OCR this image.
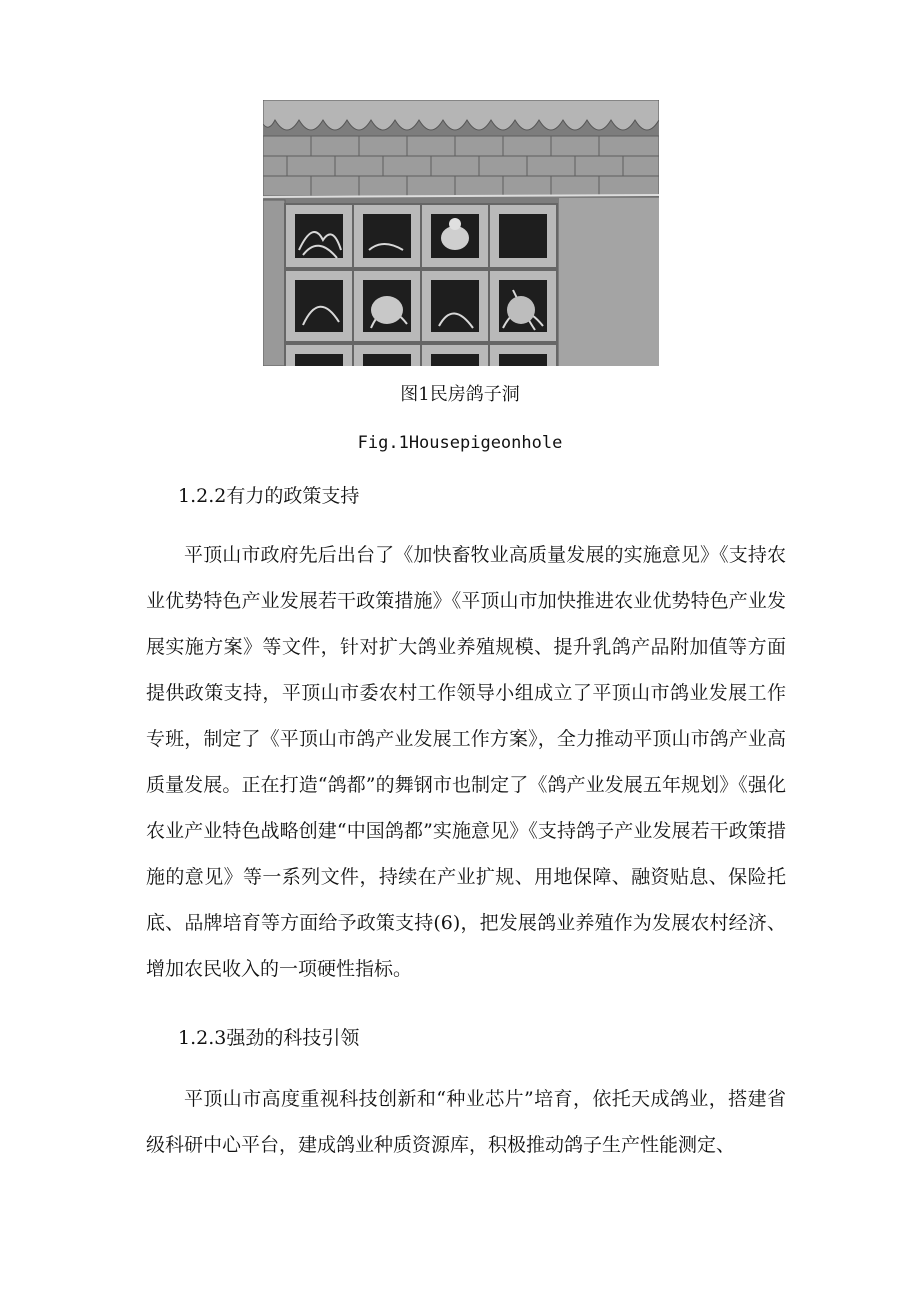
图1民房鸽子洞
Fig.1Housepigeonhole
1.2.2有力的政策支持
平顶山市政府先后出台了《加快畜牧业高质量发展的实施意见》《支持农业优势特色产业发展若干政策措施》《平顶山市加快推进农业优势特色产业发展实施方案》等文件，针对扩大鸽业养殖规模、提升乳鸽产品附加值等方面提供政策支持，平顶山市委农村工作领导小组成立了平顶山市鸽业发展工作专班，制定了《平顶山市鸽产业发展工作方案》，全力推动平顶山市鸽产业高质量发展。正在打造“鸽都”的舞钢市也制定了《鸽产业发展五年规划》《强化农业产业特色战略创建“中国鸽都”实施意见》《支持鸽子产业发展若干政策措施的意见》等一系列文件，持续在产业扩规、用地保障、融资贴息、保险托底、品牌培育等方面给予政策支持(6)，把发展鸽业养殖作为发展农村经济、增加农民收入的一项硬性指标。
1.2.3强劲的科技引领
平顶山市高度重视科技创新和“种业芯片”培育，依托天成鸽业，搭建省级科研中心平台，建成鸽业种质资源库，积极推动鸽子生产性能测定、
